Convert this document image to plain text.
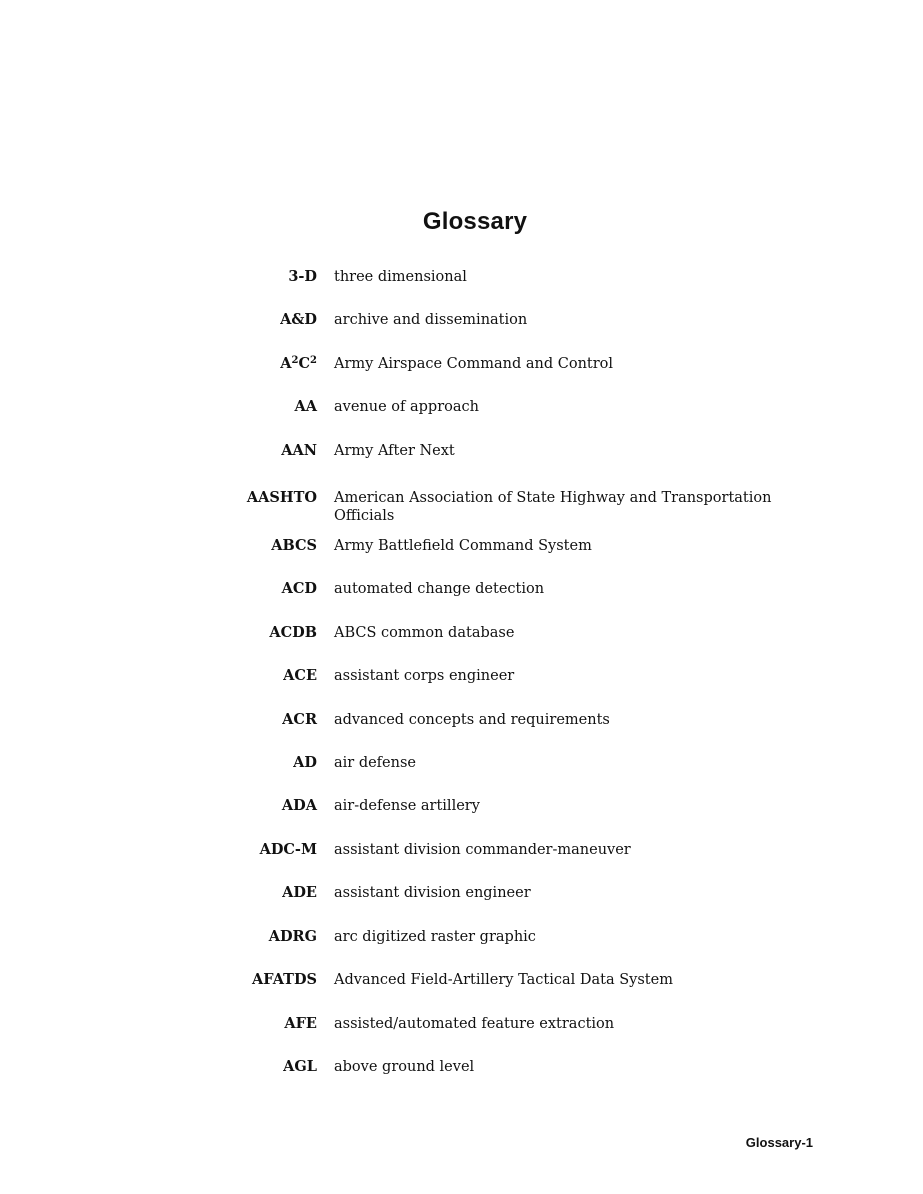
Glossary
3-D three dimensional
A&D archive and dissemination
$A^2C^2$ Army Airspace Command and Control
AA avenue of approach
AAN Army After Next
AASHTO American Association of State Highway and Transportation Officials
ABCS Army Battlefield Command System
ACD automated change detection
ACDB ABCS common database
ACE assistant corps engineer
ACR advanced concepts and requirements
AD air defense
ADA air-defense artillery
ADC-M assistant division commander-maneuver
ADE assistant division engineer
ADRG arc digitized raster graphic
AFATDS Advanced Field-Artillery Tactical Data System
AFE assisted/automated feature extraction
AGL above ground level
Glossary-1
